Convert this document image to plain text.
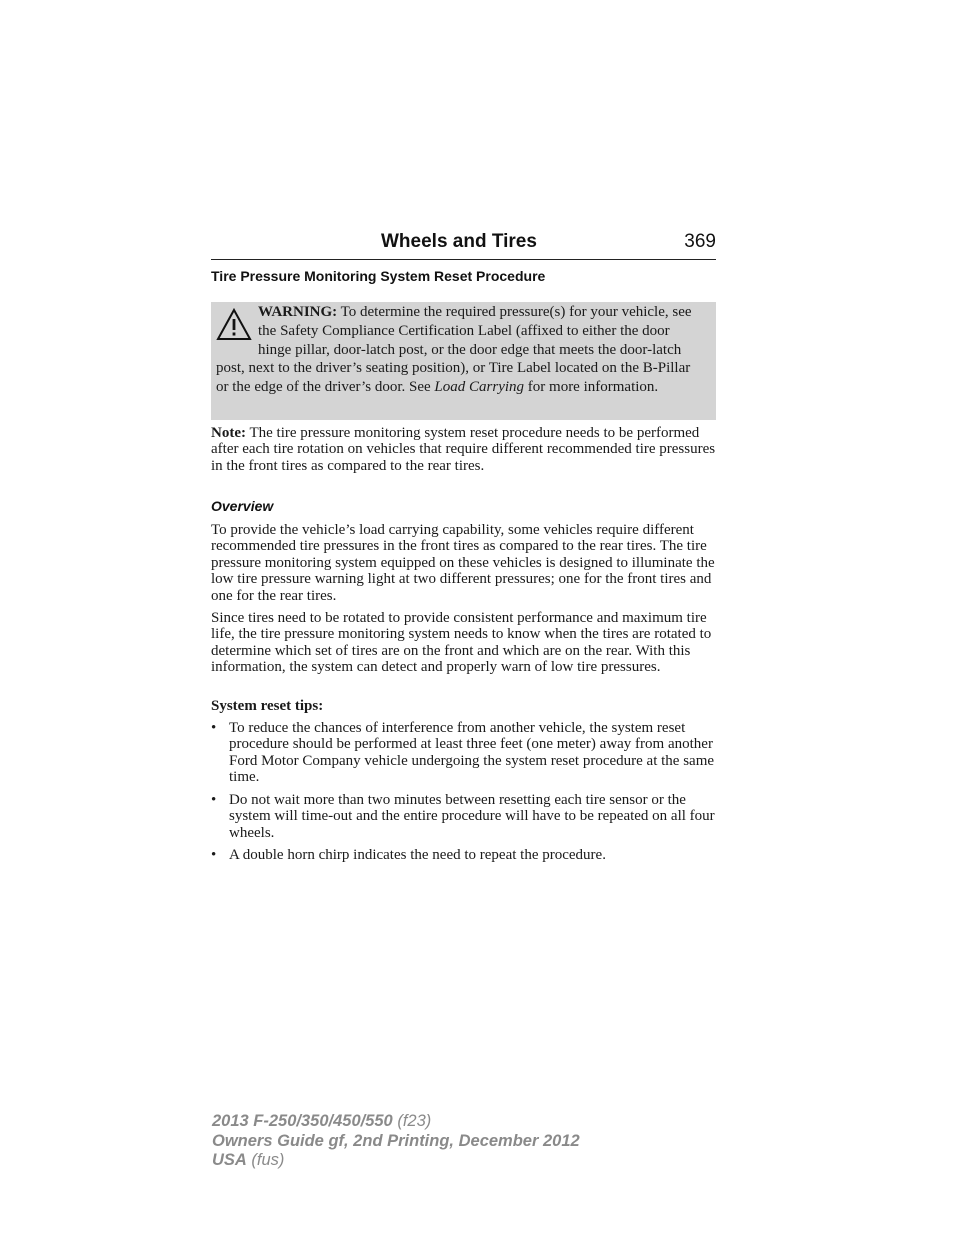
Wheels and Tires	369
Tire Pressure Monitoring System Reset Procedure
WARNING: To determine the required pressure(s) for your vehicle, see the Safety Compliance Certification Label (affixed to either the door hinge pillar, door-latch post, or the door edge that meets the door-latch post, next to the driver’s seating position), or Tire Label located on the B-Pillar or the edge of the driver’s door. See Load Carrying for more information.
Note: The tire pressure monitoring system reset procedure needs to be performed after each tire rotation on vehicles that require different recommended tire pressures in the front tires as compared to the rear tires.
Overview
To provide the vehicle’s load carrying capability, some vehicles require different recommended tire pressures in the front tires as compared to the rear tires. The tire pressure monitoring system equipped on these vehicles is designed to illuminate the low tire pressure warning light at two different pressures; one for the front tires and one for the rear tires.
Since tires need to be rotated to provide consistent performance and maximum tire life, the tire pressure monitoring system needs to know when the tires are rotated to determine which set of tires are on the front and which are on the rear. With this information, the system can detect and properly warn of low tire pressures.
System reset tips:
• To reduce the chances of interference from another vehicle, the system reset procedure should be performed at least three feet (one meter) away from another Ford Motor Company vehicle undergoing the system reset procedure at the same time.
• Do not wait more than two minutes between resetting each tire sensor or the system will time-out and the entire procedure will have to be repeated on all four wheels.
• A double horn chirp indicates the need to repeat the procedure.
2013 F-250/350/450/550 (f23)
Owners Guide gf, 2nd Printing, December 2012
USA (fus)
